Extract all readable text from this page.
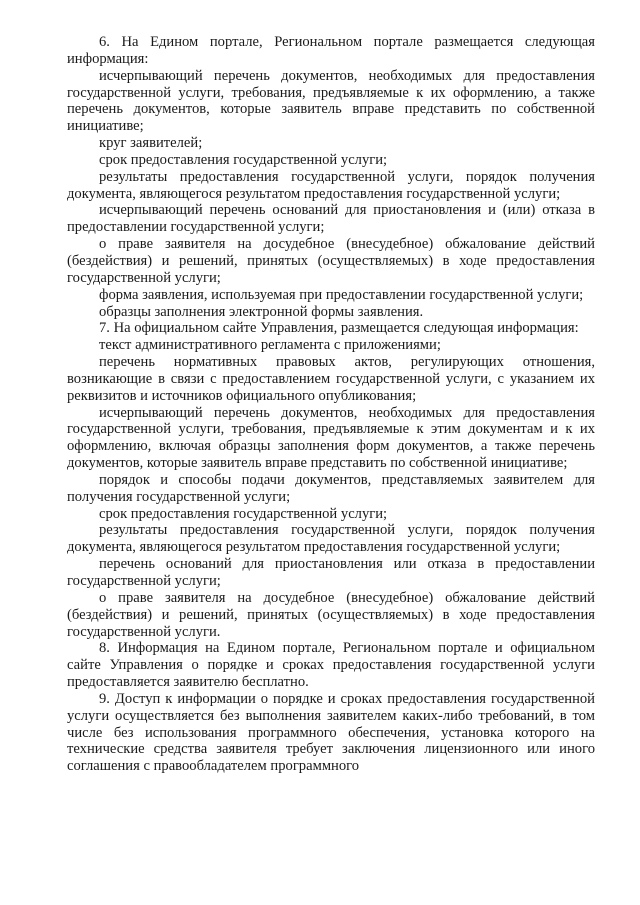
6. На Едином портале, Региональном портале размещается следующая информация:

исчерпывающий перечень документов, необходимых для предоставления государственной услуги, требования, предъявляемые к их оформлению, а также перечень документов, которые заявитель вправе представить по собственной инициативе;

круг заявителей;

срок предоставления государственной услуги;

результаты предоставления государственной услуги, порядок получения документа, являющегося результатом предоставления государственной услуги;

исчерпывающий перечень оснований для приостановления и (или) отказа в предоставлении государственной услуги;

о праве заявителя на досудебное (внесудебное) обжалование действий (бездействия) и решений, принятых (осуществляемых) в ходе предоставления государственной услуги;

форма заявления, используемая при предоставлении государственной услуги;

образцы заполнения электронной формы заявления.

7. На официальном сайте Управления, размещается следующая информация:

текст административного регламента с приложениями;

перечень нормативных правовых актов, регулирующих отношения, возникающие в связи с предоставлением государственной услуги, с указанием их реквизитов и источников официального опубликования;

исчерпывающий перечень документов, необходимых для предоставления государственной услуги, требования, предъявляемые к этим документам и к их оформлению, включая образцы заполнения форм документов, а также перечень документов, которые заявитель вправе представить по собственной инициативе;

порядок и способы подачи документов, представляемых заявителем для получения государственной услуги;

срок предоставления государственной услуги;

результаты предоставления государственной услуги, порядок получения документа, являющегося результатом предоставления государственной услуги;

перечень оснований для приостановления или отказа в предоставлении государственной услуги;

о праве заявителя на досудебное (внесудебное) обжалование действий (бездействия) и решений, принятых (осуществляемых) в ходе предоставления государственной услуги.

8. Информация на Едином портале, Региональном портале и официальном сайте Управления о порядке и сроках предоставления государственной услуги предоставляется заявителю бесплатно.

9. Доступ к информации о порядке и сроках предоставления государственной услуги осуществляется без выполнения заявителем каких-либо требований, в том числе без использования программного обеспечения, установка которого на технические средства заявителя требует заключения лицензионного или иного соглашения с правообладателем программного
